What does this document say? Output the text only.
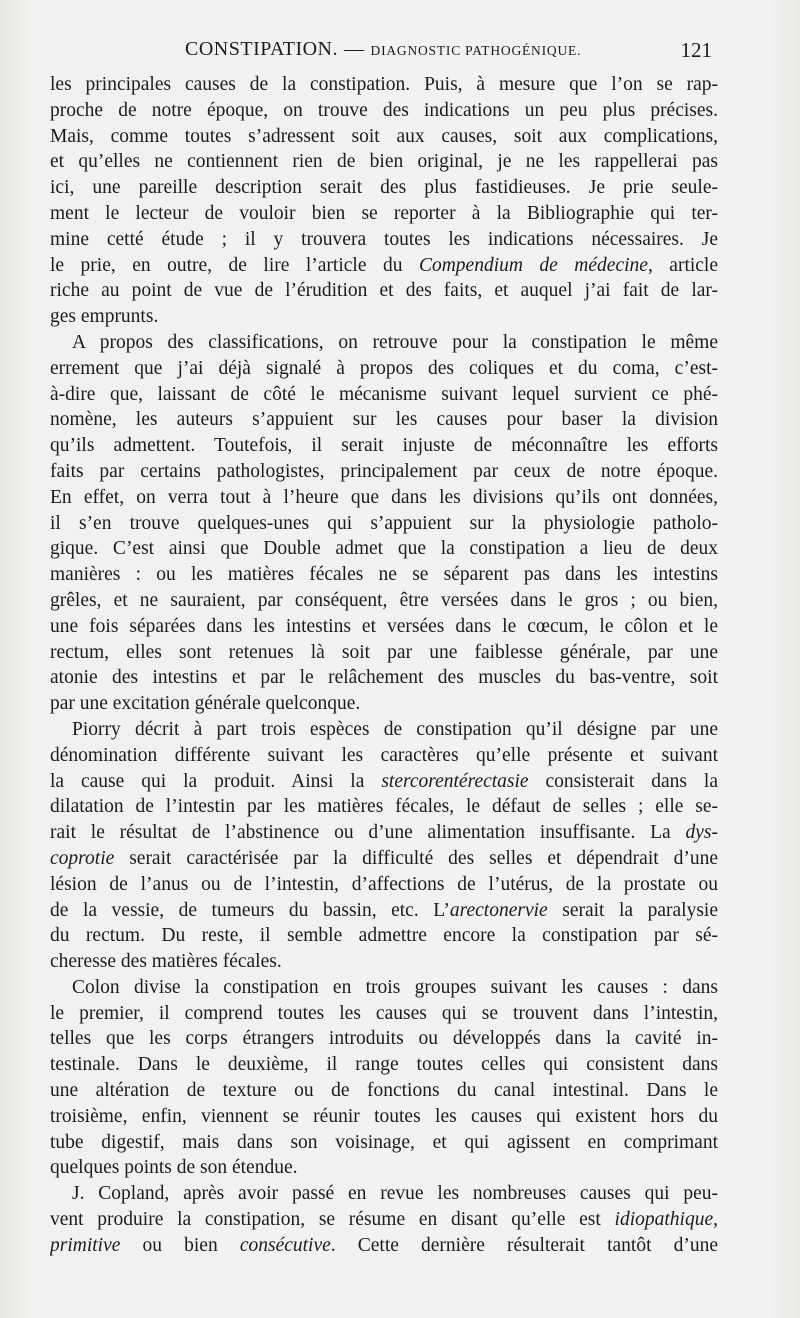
CONSTIPATION. — DIAGNOSTIC PATHOGÉNIQUE.	121
les principales causes de la constipation. Puis, à mesure que l’on se rap-
proche de notre époque, on trouve des indications un peu plus précises.
Mais, comme toutes s’adressent soit aux causes, soit aux complications,
et qu’elles ne contiennent rien de bien original, je ne les rappellerai pas
ici, une pareille description serait des plus fastidieuses. Je prie seule-
ment le lecteur de vouloir bien se reporter à la Bibliographie qui ter-
mine cetté étude ; il y trouvera toutes les indications nécessaires. Je
le prie, en outre, de lire l’article du Compendium de médecine, article
riche au point de vue de l’érudition et des faits, et auquel j’ai fait de lar-
ges emprunts.
A propos des classifications, on retrouve pour la constipation le même
errement que j’ai déjà signalé à propos des coliques et du coma, c’est-
à-dire que, laissant de côté le mécanisme suivant lequel survient ce phé-
nomène, les auteurs s’appuient sur les causes pour baser la division
qu’ils admettent. Toutefois, il serait injuste de méconnaître les efforts
faits par certains pathologistes, principalement par ceux de notre époque.
En effet, on verra tout à l’heure que dans les divisions qu’ils ont données,
il s’en trouve quelques-unes qui s’appuient sur la physiologie patholo-
gique. C’est ainsi que Double admet que la constipation a lieu de deux
manières : ou les matières fécales ne se séparent pas dans les intestins
grêles, et ne sauraient, par conséquent, être versées dans le gros ; ou bien,
une fois séparées dans les intestins et versées dans le cœcum, le côlon et le
rectum, elles sont retenues là soit par une faiblesse générale, par une
atonie des intestins et par le relâchement des muscles du bas-ventre, soit
par une excitation générale quelconque.
Piorry décrit à part trois espèces de constipation qu’il désigne par une
dénomination différente suivant les caractères qu’elle présente et suivant
la cause qui la produit. Ainsi la stercorentérectasie consisterait dans la
dilatation de l’intestin par les matières fécales, le défaut de selles ; elle se-
rait le résultat de l’abstinence ou d’une alimentation insuffisante. La dys-
coprotie serait caractérisée par la difficulté des selles et dépendrait d’une
lésion de l’anus ou de l’intestin, d’affections de l’utérus, de la prostate ou
de la vessie, de tumeurs du bassin, etc. L’arectonervie serait la paralysie
du rectum. Du reste, il semble admettre encore la constipation par sé-
cheresse des matières fécales.
Colon divise la constipation en trois groupes suivant les causes : dans
le premier, il comprend toutes les causes qui se trouvent dans l’intestin,
telles que les corps étrangers introduits ou développés dans la cavité in-
testinale. Dans le deuxième, il range toutes celles qui consistent dans
une altération de texture ou de fonctions du canal intestinal. Dans le
troisième, enfin, viennent se réunir toutes les causes qui existent hors du
tube digestif, mais dans son voisinage, et qui agissent en comprimant
quelques points de son étendue.
J. Copland, après avoir passé en revue les nombreuses causes qui peu-
vent produire la constipation, se résume en disant qu’elle est idiopathique,
primitive ou bien consécutive. Cette dernière résulterait tantôt d’une
